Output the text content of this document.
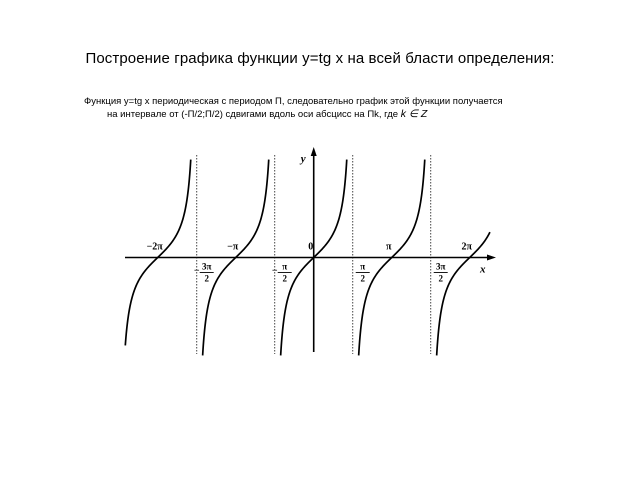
Построение графика функции y=tg x на всей бласти определения:
Функция y=tg x периодическая с периодом П, следовательно график этой функции получается
на интервале от (-П/2;П/2) сдвигами вдоль оси абсцисс на Пk, где k ∈ Z
x
y
−2π	−π	0	π	2π
− 3π
2
− π
2
π
2
3π
2
